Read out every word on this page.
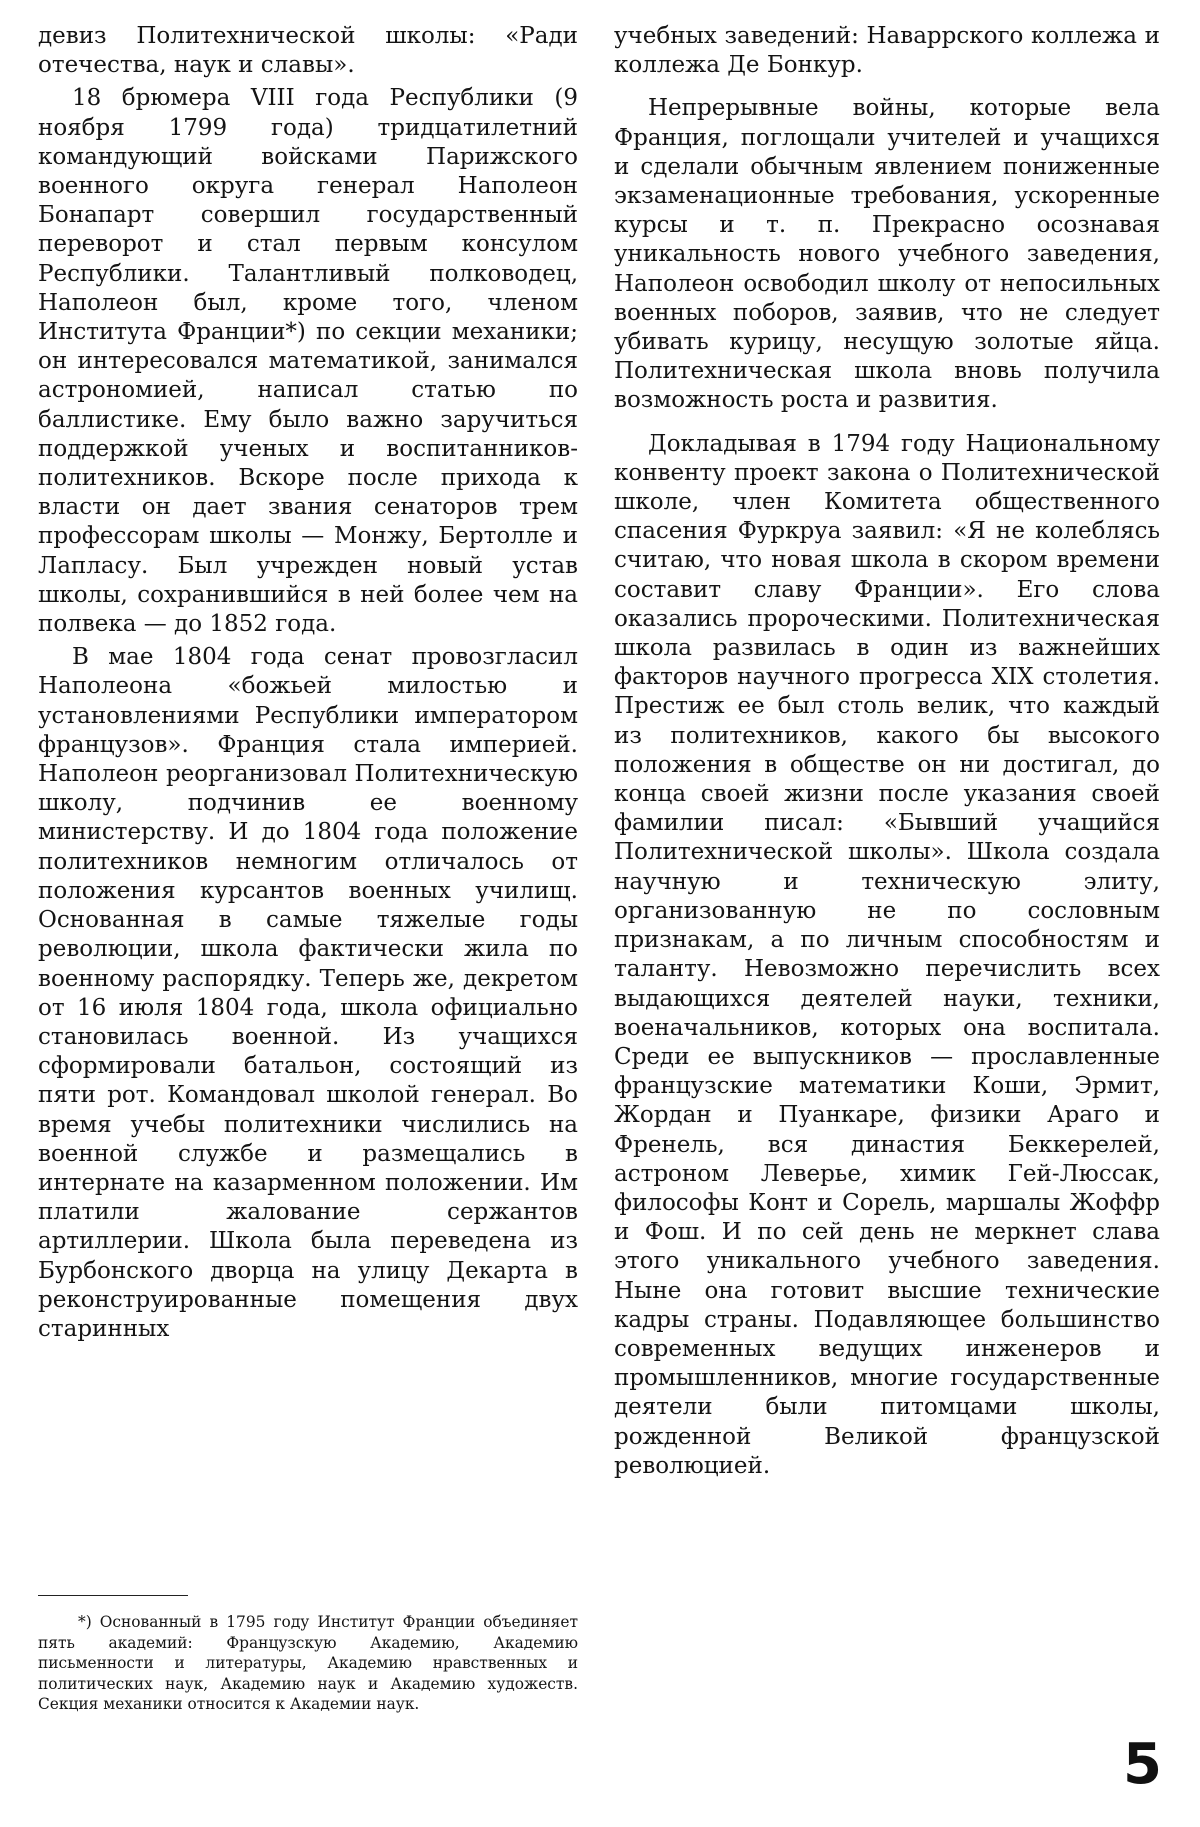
девиз Политехнической школы: «Ради отечества, наук и славы».

18 брюмера VIII года Республики (9 ноября 1799 года) тридцатилетний командующий войсками Парижского военного округа генерал Наполеон Бонапарт совершил государственный переворот и стал первым консулом Республики. Талантливый полководец, Наполеон был, кроме того, членом Института Франции*) по секции механики; он интересовался математикой, занимался астрономией, написал статью по баллистике. Ему было важно заручиться поддержкой ученых и воспитанников-политехников. Вскоре после прихода к власти он дает звания сенаторов трем профессорам школы — Монжу, Бертолле и Лапласу. Был учрежден новый устав школы, сохранившийся в ней более чем на полвека — до 1852 года.

В мае 1804 года сенат провозгласил Наполеона «божьей милостью и установлениями Республики императором французов». Франция стала империей. Наполеон реорганизовал Политехническую школу, подчинив ее военному министерству. И до 1804 года положение политехников немногим отличалось от положения курсантов военных училищ. Основанная в самые тяжелые годы революции, школа фактически жила по военному распорядку. Теперь же, декретом от 16 июля 1804 года, школа официально становилась военной. Из учащихся сформировали батальон, состоящий из пяти рот. Командовал школой генерал. Во время учебы политехники числились на военной службе и размещались в интернате на казарменном положении. Им платили жалование сержантов артиллерии. Школа была переведена из Бурбонского дворца на улицу Декарта в реконструированные помещения двух старинных

учебных заведений: Наваррского коллежа и коллежа Де Бонкур.

Непрерывные войны, которые вела Франция, поглощали учителей и учащихся и сделали обычным явлением пониженные экзаменационные требования, ускоренные курсы и т. п. Прекрасно осознавая уникальность нового учебного заведения, Наполеон освободил школу от непосильных военных поборов, заявив, что не следует убивать курицу, несущую золотые яйца. Политехническая школа вновь получила возможность роста и развития.

Докладывая в 1794 году Национальному конвенту проект закона о Политехнической школе, член Комитета общественного спасения Фуркруа заявил: «Я не колеблясь считаю, что новая школа в скором времени составит славу Франции». Его слова оказались пророческими. Политехническая школа развилась в один из важнейших факторов научного прогресса XIX столетия. Престиж ее был столь велик, что каждый из политехников, какого бы высокого положения в обществе он ни достигал, до конца своей жизни после указания своей фамилии писал: «Бывший учащийся Политехнической школы». Школа создала научную и техническую элиту, организованную не по сословным признакам, а по личным способностям и таланту. Невозможно перечислить всех выдающихся деятелей науки, техники, военачальников, которых она воспитала. Среди ее выпускников — прославленные французские математики Коши, Эрмит, Жордан и Пуанкаре, физики Араго и Френель, вся династия Беккерелей, астроном Леверье, химик Гей-Люссак, философы Конт и Сорель, маршалы Жоффр и Фош. И по сей день не меркнет слава этого уникального учебного заведения. Ныне она готовит высшие технические кадры страны. Подавляющее большинство современных ведущих инженеров и промышленников, многие государственные деятели были питомцами школы, рожденной Великой французской революцией.

*) Основанный в 1795 году Институт Франции объединяет пять академий: Французскую Академию, Академию письменности и литературы, Академию нравственных и политических наук, Академию наук и Академию художеств. Секция механики относится к Академии наук.

5
